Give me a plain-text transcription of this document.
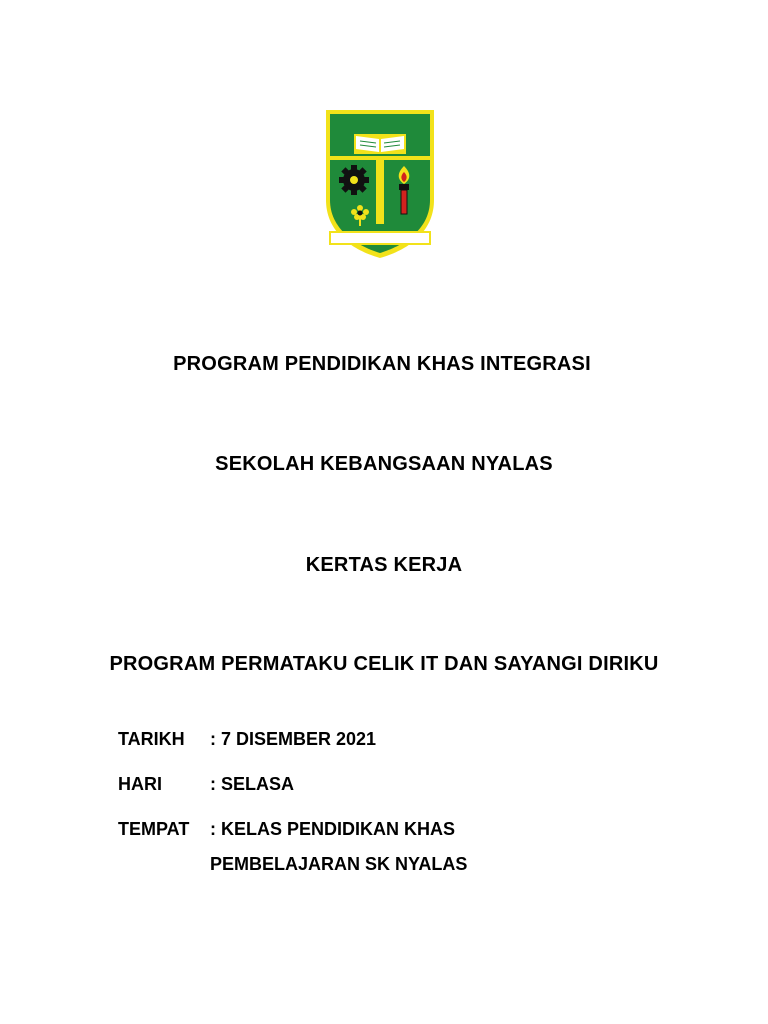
PROGRAM PENDIDIKAN KHAS INTEGRASI
SEKOLAH KEBANGSAAN NYALAS
KERTAS KERJA
PROGRAM PERMATAKU CELIK IT DAN SAYANGI DIRIKU
TARIKH : 7 DISEMBER 2021
HARI	: SELASA
TEMPAT : KELAS PENDIDIKAN KHAS
PEMBELAJARAN SK NYALAS
